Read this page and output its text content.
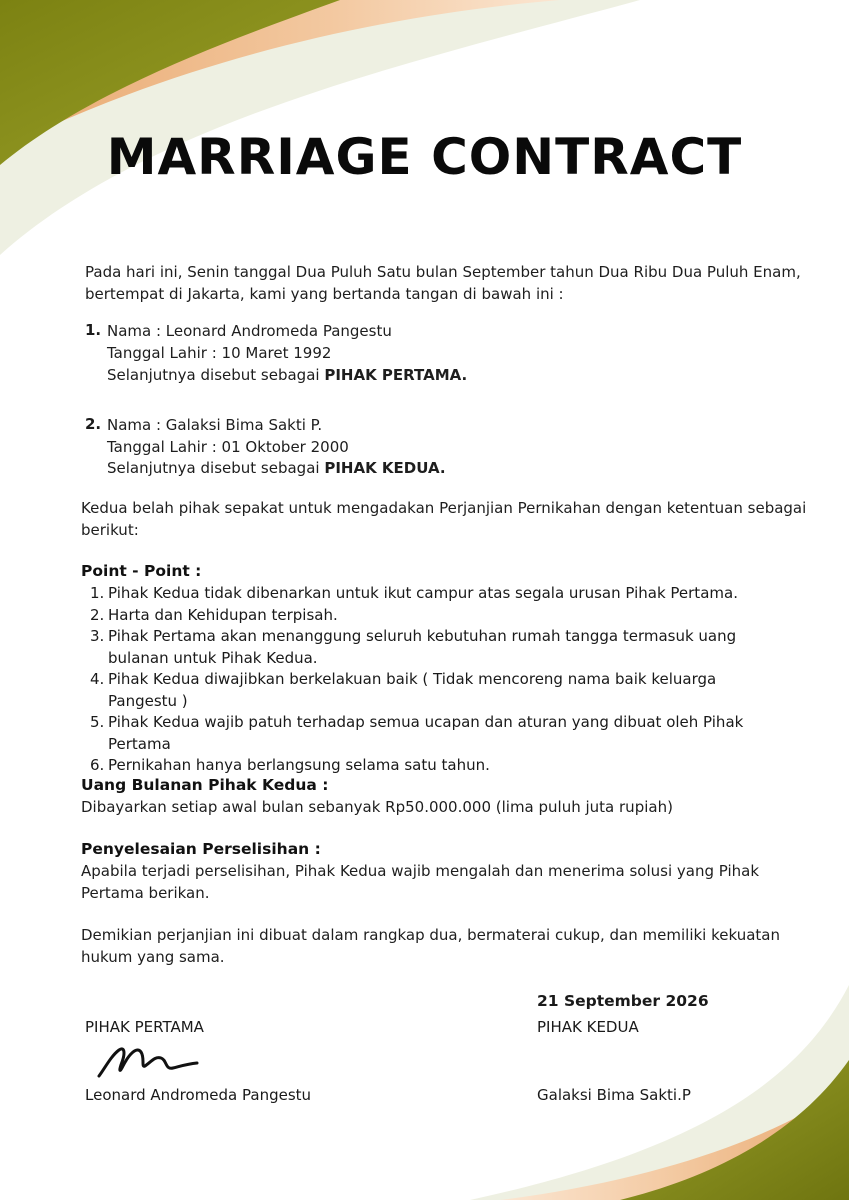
MARRIAGE CONTRACT

Pada hari ini, Senin tanggal Dua Puluh Satu bulan September tahun Dua Ribu Dua Puluh Enam,

bertempat di Jakarta, kami yang bertanda tangan di bawah ini :

1. Nama : Leonard Andromeda Pangestu

Tanggal Lahir : 10 Maret 1992

Selanjutnya disebut sebagai PIHAK PERTAMA.

2. Nama : Galaksi Bima Sakti P.

Tanggal Lahir : 01 Oktober 2000

Selanjutnya disebut sebagai PIHAK KEDUA.

Kedua belah pihak sepakat untuk mengadakan Perjanjian Pernikahan dengan ketentuan sebagai

berikut:

Point - Point :

1. Pihak Kedua tidak dibenarkan untuk ikut campur atas segala urusan Pihak Pertama.
2. Harta dan Kehidupan terpisah.
3. Pihak Pertama akan menanggung seluruh kebutuhan rumah tangga termasuk uang bulanan untuk Pihak Kedua.
4. Pihak Kedua diwajibkan berkelakuan baik ( Tidak mencoreng nama baik keluarga Pangestu )
5. Pihak Kedua wajib patuh terhadap semua ucapan dan aturan yang dibuat oleh Pihak Pertama
6. Pernikahan hanya berlangsung selama satu tahun.

Uang Bulanan Pihak Kedua :

Dibayarkan setiap awal bulan sebanyak Rp50.000.000 (lima puluh juta rupiah)

Penyelesaian Perselisihan :

Apabila terjadi perselisihan, Pihak Kedua wajib mengalah dan menerima solusi yang Pihak

Pertama berikan.

Demikian perjanjian ini dibuat dalam rangkap dua, bermaterai cukup, dan memiliki kekuatan

hukum yang sama.

21 September 2026
PIHAK PERTAMA	PIHAK KEDUA
Leonard Andromeda Pangestu	Galaksi Bima Sakti.P
